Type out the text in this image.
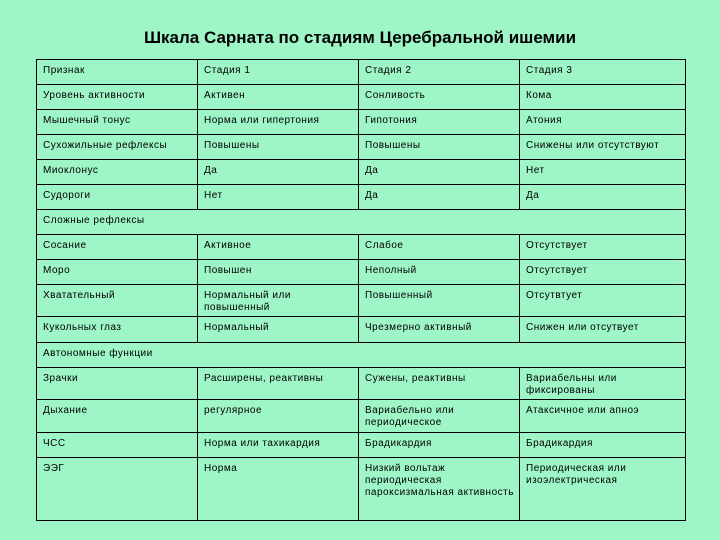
Шкала Сарната по стадиям Церебральной ишемии
Признак	Стадия 1	Стадия 2	Стадия 3
Уровень активности	Активен	Сонливость	Кома
Мышечный тонус	Норма или гипертония	Гипотония	Атония
Сухожильные рефлексы	Повышены	Повышены	Снижены или отсутствуют
Миоклонус	Да	Да	Нет
Судороги	Нет	Да	Да
Сложные рефлексы			
Сосание	Активное	Слабое	Отсутствует
Моро	Повышен	Неполный	Отсутствует
Хватательный	Нормальный или повышенный	Повышенный	Отсутвтует
Кукольных глаз	Нормальный	Чрезмерно активный	Снижен или отсутвует
Автономные функции			
Зрачки	Расширены, реактивны	Сужены, реактивны	Вариабельны или фиксированы
Дыхание	регулярное	Вариабельно или периодическое	Атаксичное или апноэ
ЧСС	Норма или тахикардия	Брадикардия	Брадикардия
ЭЭГ	Норма	Низкий вольтаж периодическая пароксизмальная активность	Периодическая или изоэлектрическая
